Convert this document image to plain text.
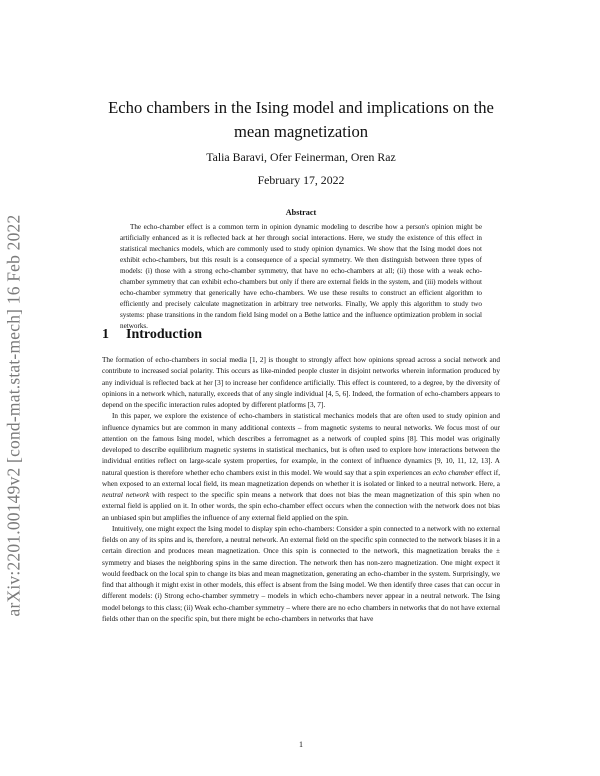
arXiv:2201.00149v2 [cond-mat.stat-mech] 16 Feb 2022
Echo chambers in the Ising model and implications on the mean magnetization
Talia Baravi, Ofer Feinerman, Oren Raz
February 17, 2022
Abstract

The echo-chamber effect is a common term in opinion dynamic modeling to describe how a person's opinion might be artificially enhanced as it is reflected back at her through social interactions. Here, we study the existence of this effect in statistical mechanics models, which are commonly used to study opinion dynamics. We show that the Ising model does not exhibit echo-chambers, but this result is a consequence of a special symmetry. We then distinguish between three types of models: (i) those with a strong echo-chamber symmetry, that have no echo-chambers at all; (ii) those with a weak echo-chamber symmetry that can exhibit echo-chambers but only if there are external fields in the system, and (iii) models without echo-chamber symmetry that generically have echo-chambers. We use these results to construct an efficient algorithm to efficiently and precisely calculate magnetization in arbitrary tree networks. Finally, We apply this algorithm to study two systems: phase transitions in the random field Ising model on a Bethe lattice and the influence optimization problem in social networks.

1 Introduction

The formation of echo-chambers in social media [1, 2] is thought to strongly affect how opinions spread across a social network and contribute to increased social polarity. This occurs as like-minded people cluster in disjoint networks wherein information produced by any individual is reflected back at her [3] to increase her confidence artificially. This effect is countered, to a degree, by the diversity of opinions in a network which, naturally, exceeds that of any single individual [4, 5, 6]. Indeed, the formation of echo-chambers appears to depend on the specific interaction rules adopted by different platforms [3, 7].

In this paper, we explore the existence of echo-chambers in statistical mechanics models that are often used to study opinion and influence dynamics but are common in many additional contexts – from magnetic systems to neural networks. We focus most of our attention on the famous Ising model, which describes a ferromagnet as a network of coupled spins [8]. This model was originally developed to describe equilibrium magnetic systems in statistical mechanics, but is often used to explore how interactions between the individual entities reflect on large-scale system properties, for example, in the context of influence dynamics [9, 10, 11, 12, 13]. A natural question is therefore whether echo chambers exist in this model. We would say that a spin experiences an echo chamber effect if, when exposed to an external local field, its mean magnetization depends on whether it is isolated or linked to a neutral network. Here, a neutral network with respect to the specific spin means a network that does not bias the mean magnetization of this spin when no external field is applied on it. In other words, the spin echo-chamber effect occurs when the connection with the network does not bias an unbiased spin but amplifies the influence of any external field applied on the spin.

Intuitively, one might expect the Ising model to display spin echo-chambers: Consider a spin connected to a network with no external fields on any of its spins and is, therefore, a neutral network. An external field on the specific spin connected to the network biases it in a certain direction and produces mean magnetization. Once this spin is connected to the network, this magnetization breaks the ± symmetry and biases the neighboring spins in the same direction. The network then has non-zero magnetization. One might expect it would feedback on the local spin to change its bias and mean magnetization, generating an echo-chamber in the system. Surprisingly, we find that although it might exist in other models, this effect is absent from the Ising model. We then identify three cases that can occur in different models: (i) Strong echo-chamber symmetry – models in which echo-chambers never appear in a neutral network. The Ising model belongs to this class; (ii) Weak echo-chamber symmetry – where there are no echo chambers in networks that do not have external fields other than on the specific spin, but there might be echo-chambers in networks that have

1
